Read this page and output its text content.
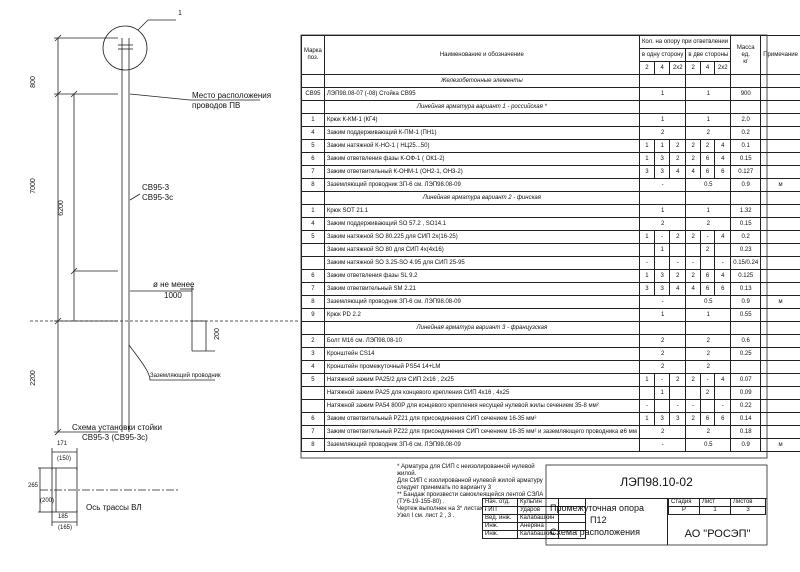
1
800
7000
6200
2200
Место расположения
проводов ПВ
СВ95-3
СВ95-3с
ø не менее
1000
200
Заземляющий проводник
Схема установки стойки
СВ95-3 (СВ95-3с)
171
(150)
265
(200)
185
(165)
Ось трассы ВЛ
Марка
поз.	Наименование и обозначение	Кол. на опору при ответвлении						Масса
ед.
кг	Примечание
		в одну сторону			в две стороны				
		2	4	2x2	2	4	2x2		
	Железобетонные элементы								
СВ95	ЛЭП98.08-07 (-08) Стойка СВ95	1			1			900	
	Линейная арматура вариант 1 - российская *								
1	Крюк К-КМ-1 (КГ4)	1			1			2.0	
4	Зажим поддерживающий К-ПМ-1 (ПН1)	2			2			0.2	
5	Зажим натяжной К-НО-1 ( НЦ25...50)	1	1	2	2	2	4	0.1	
6	Зажим ответвления фазы К-ОФ-1 ( ОК1-2)	1	3	2	2	6	4	0.15	
7	Зажим ответвительный К-ОНМ-1 (ОН2-1, ОН3-2)	3	3	4	4	6	6	0.127	
8	Заземляющий проводник ЗП-6 см. ЛЭП98.08-09	-			0.5			0.9	м
	Линейная арматура вариант 2 - финская								
1	Крюк SOT 21.1	1			1			1.32	
4	Зажим поддерживающий SO 57.2 , SO14.1	2			2			0.15	
5	Зажим натяжной SO 80.225 для СИП 2x(16-25)	1	-	2	2	-	4	0.2	
	Зажим натяжной SO 80 для СИП 4x(4x16)		1			2		0.23	
	Зажим натяжной SO 3.25-SO 4.95 для СИП 25-95	-		-	-		-	0.15/0.24	
6	Зажим ответвления фазы SL 9.2	1	3	2	2	6	4	0.125	
7	Зажим ответвительный SM 2.21	3	3	4	4	6	6	0.13	
8	Заземляющий проводник ЗП-6 см. ЛЭП98.08-09	-			0.5			0.9	м
9	Крюк PD 2.2	1			1			0.55	
	Линейная арматура вариант 3 - французская								
2	Болт М16 см. ЛЭП98.08-10	2			2			0.6	
3	Кронштейн CS14	2			2			0.25	
4	Кронштейн промежуточный PS54 14+LM	2			2				
5	Натяжной зажим PA25/2 для СИП 2x16 , 2x25	1	-	2	2	-	4	0.07	
	Натяжной зажим PA25 для концевого крепления СИП 4x16 , 4x25		1			2		0.09	
	Натяжной зажим PA54 800P для концевого крепления несущей нулевой жилы сечением 35-8 мм²	-		-	-		-	0.22	
6	Зажим ответвительный PZ21 для присоединения СИП сечением 16-35 мм²	1	3	3	2	6	6	0.14	
7	Зажим ответвительный PZ22 для присоединения СИП сечением 16-35 мм² и заземляющего проводника ø6 мм	2			2			0.18	
8	Заземляющий проводник ЗП-6 см. ЛЭП98.08-09	-			0.5			0.9	м

* Арматура для СИП с неизолированной нулевой жилой.

Для СИП с изолированной нулевой жилой арматуру следует принимать по варианту 3

** Бандаж произвести самоклеящейся лентой СЭЛА (ТУ6-19-155-80) .

Чертеж выполнен на 3* листах .

Узел I см. лист 2 , 3 .

Нач. отд.	Кульгин	
ГИП	Ударов	
Вед. инж.	Калабашкин	
Инж.	Анеряна	
Инж.	Калабашкин	
ЛЭП98.10-02
Промежуточная опора
П12
Схема расположения
Стадия	Лист	Листов
Р	1	3
АО "РОСЭП"
